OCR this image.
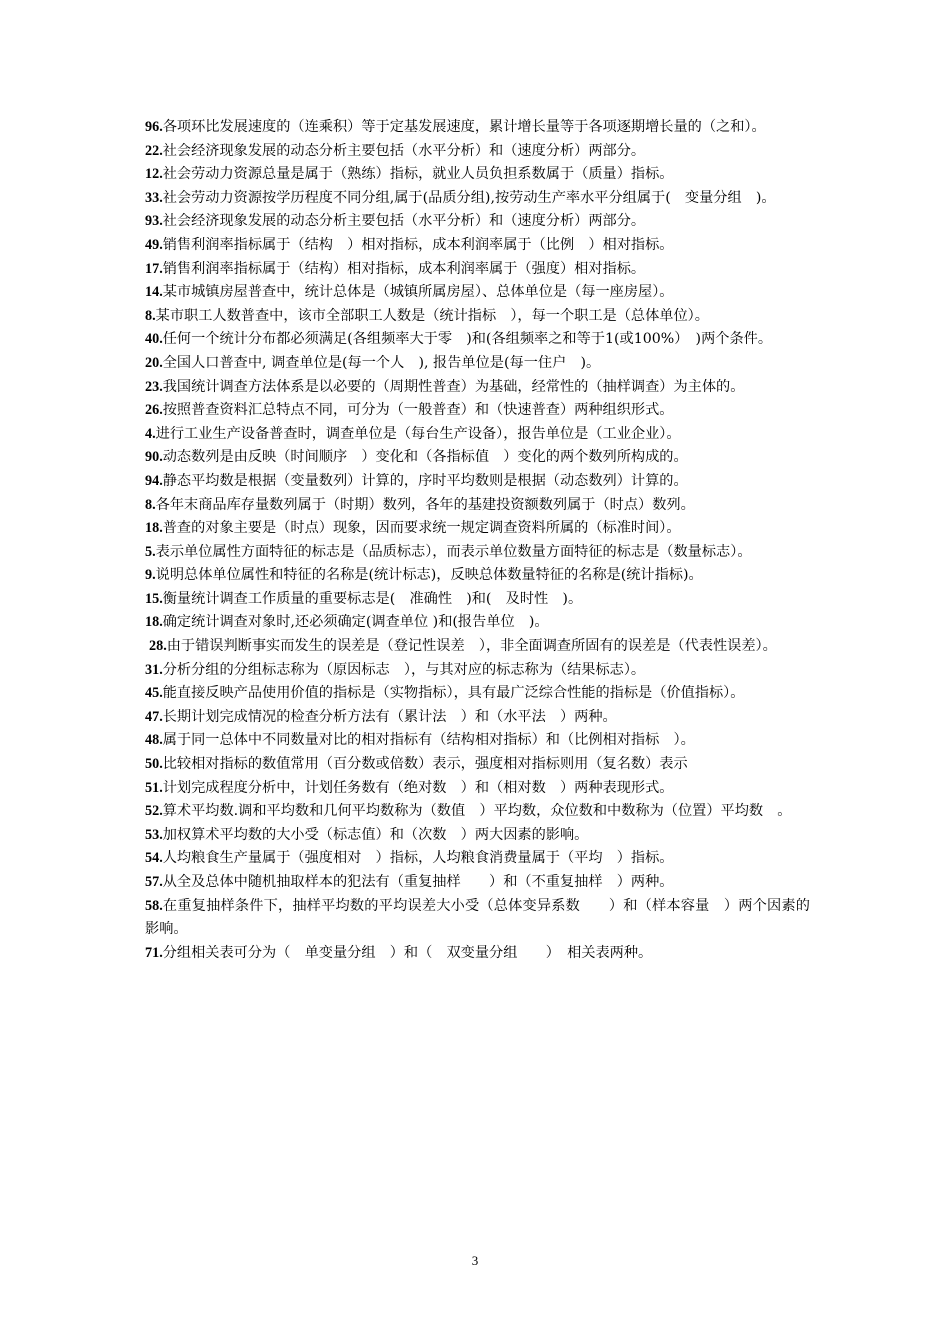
96.各项环比发展速度的（连乘积）等于定基发展速度，累计增长量等于各项逐期增长量的（之和）。

22.社会经济现象发展的动态分析主要包括（水平分析）和（速度分析）两部分。

12.社会劳动力资源总量是属于（熟练）指标，就业人员负担系数属于（质量）指标。

33.社会劳动力资源按学历程度不同分组,属于(品质分组),按劳动生产率水平分组属于(　变量分组　)。

93.社会经济现象发展的动态分析主要包括（水平分析）和（速度分析）两部分。

49.销售利润率指标属于（结构　）相对指标，成本利润率属于（比例　）相对指标。

17.销售利润率指标属于（结构）相对指标，成本利润率属于（强度）相对指标。

14.某市城镇房屋普查中，统计总体是（城镇所属房屋）、总体单位是（每一座房屋）。

8.某市职工人数普查中，该市全部职工人数是（统计指标　），每一个职工是（总体单位）。

40.任何一个统计分布都必须满足(各组频率大于零　)和(各组频率之和等于1(或100%）　)两个条件。

20.全国人口普查中, 调查单位是(每一个人　), 报告单位是(每一住户　)。

23.我国统计调查方法体系是以必要的（周期性普查）为基础，经常性的（抽样调查）为主体的。

26.按照普查资料汇总特点不同，可分为（一般普查）和（快速普查）两种组织形式。

4.进行工业生产设备普查时，调查单位是（每台生产设备），报告单位是（工业企业）。

90.动态数列是由反映（时间顺序　）变化和（各指标值　）变化的两个数列所构成的。

94.静态平均数是根据（变量数列）计算的，序时平均数则是根据（动态数列）计算的。

8.各年末商品库存量数列属于（时期）数列，各年的基建投资额数列属于（时点）数列。

18.普查的对象主要是（时点）现象，因而要求统一规定调查资料所属的（标准时间）。

5.表示单位属性方面特征的标志是（品质标志），而表示单位数量方面特征的标志是（数量标志）。

9.说明总体单位属性和特征的名称是(统计标志)，反映总体数量特征的名称是(统计指标)。

15.衡量统计调查工作质量的重要标志是(　准确性　)和(　及时性　)。

18.确定统计调查对象时,还必须确定(调查单位 )和(报告单位　)。

28.由于错误判断事实而发生的误差是（登记性误差　），非全面调查所固有的误差是（代表性误差）。

31.分析分组的分组标志称为（原因标志　），与其对应的标志称为（结果标志）。

45.能直接反映产品使用价值的指标是（实物指标），具有最广泛综合性能的指标是（价值指标）。

47.长期计划完成情况的检查分析方法有（累计法　）和（水平法　）两种。

48.属于同一总体中不同数量对比的相对指标有（结构相对指标）和（比例相对指标　）。

50.比较相对指标的数值常用（百分数或倍数）表示，强度相对指标则用（复名数）表示

51.计划完成程度分析中，计划任务数有（绝对数　）和（相对数　）两种表现形式。

52.算术平均数.调和平均数和几何平均数称为（数值　）平均数，众位数和中数称为（位置）平均数　。

53.加权算术平均数的大小受（标志值）和（次数　）两大因素的影响。

54.人均粮食生产量属于（强度相对　）指标，人均粮食消费量属于（平均　）指标。

57.从全及总体中随机抽取样本的犯法有（重复抽样　　）和（不重复抽样　）两种。

58.在重复抽样条件下，抽样平均数的平均误差大小受（总体变异系数　　）和（样本容量　）两个因素的影响。

71.分组相关表可分为（　单变量分组　）和（　双变量分组　　）　相关表两种。

3
